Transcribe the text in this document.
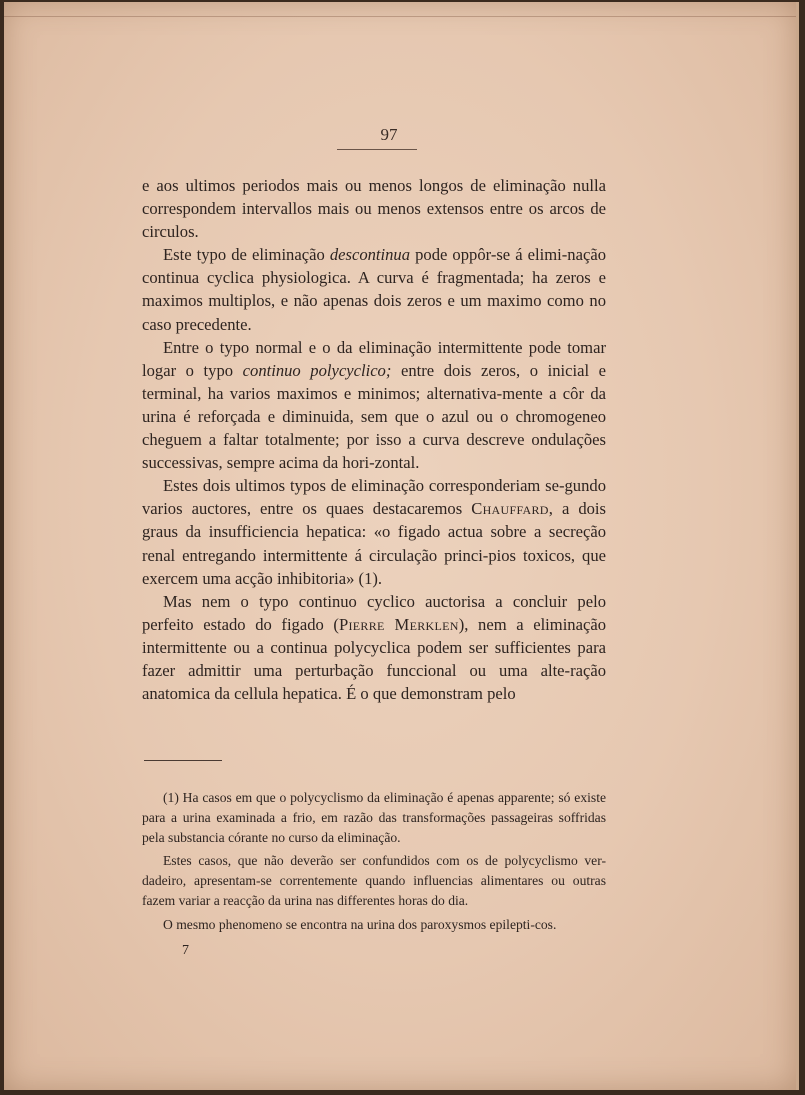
97

e aos ultimos periodos mais ou menos longos de eliminação nulla correspondem intervallos mais ou menos extensos entre os arcos de circulos.

Este typo de eliminação descontinua pode oppôr-se á elimi-nação continua cyclica physiologica. A curva é fragmentada; ha zeros e maximos multiplos, e não apenas dois zeros e um maximo como no caso precedente.

Entre o typo normal e o da eliminação intermittente pode tomar logar o typo continuo polycyclico; entre dois zeros, o inicial e terminal, ha varios maximos e minimos; alternativa-mente a côr da urina é reforçada e diminuida, sem que o azul ou o chromogeneo cheguem a faltar totalmente; por isso a curva descreve ondulações successivas, sempre acima da hori-zontal.

Estes dois ultimos typos de eliminação corresponderiam se-gundo varios auctores, entre os quaes destacaremos Chauffard, a dois graus da insufficiencia hepatica: «o figado actua sobre a secreção renal entregando intermittente á circulação princi-pios toxicos, que exercem uma acção inhibitoria» (1).

Mas nem o typo continuo cyclico auctorisa a concluir pelo perfeito estado do figado (Pierre Merklen), nem a eliminação intermittente ou a continua polycyclica podem ser sufficientes para fazer admittir uma perturbação funccional ou uma alte-ração anatomica da cellula hepatica. É o que demonstram pelo

(1) Ha casos em que o polycyclismo da eliminação é apenas apparente; só existe para a urina examinada a frio, em razão das transformações passageiras soffridas pela substancia córante no curso da eliminação.

Estes casos, que não deverão ser confundidos com os de polycyclismo ver-dadeiro, apresentam-se correntemente quando influencias alimentares ou outras fazem variar a reacção da urina nas differentes horas do dia.

O mesmo phenomeno se encontra na urina dos paroxysmos epilepti-cos.

7
